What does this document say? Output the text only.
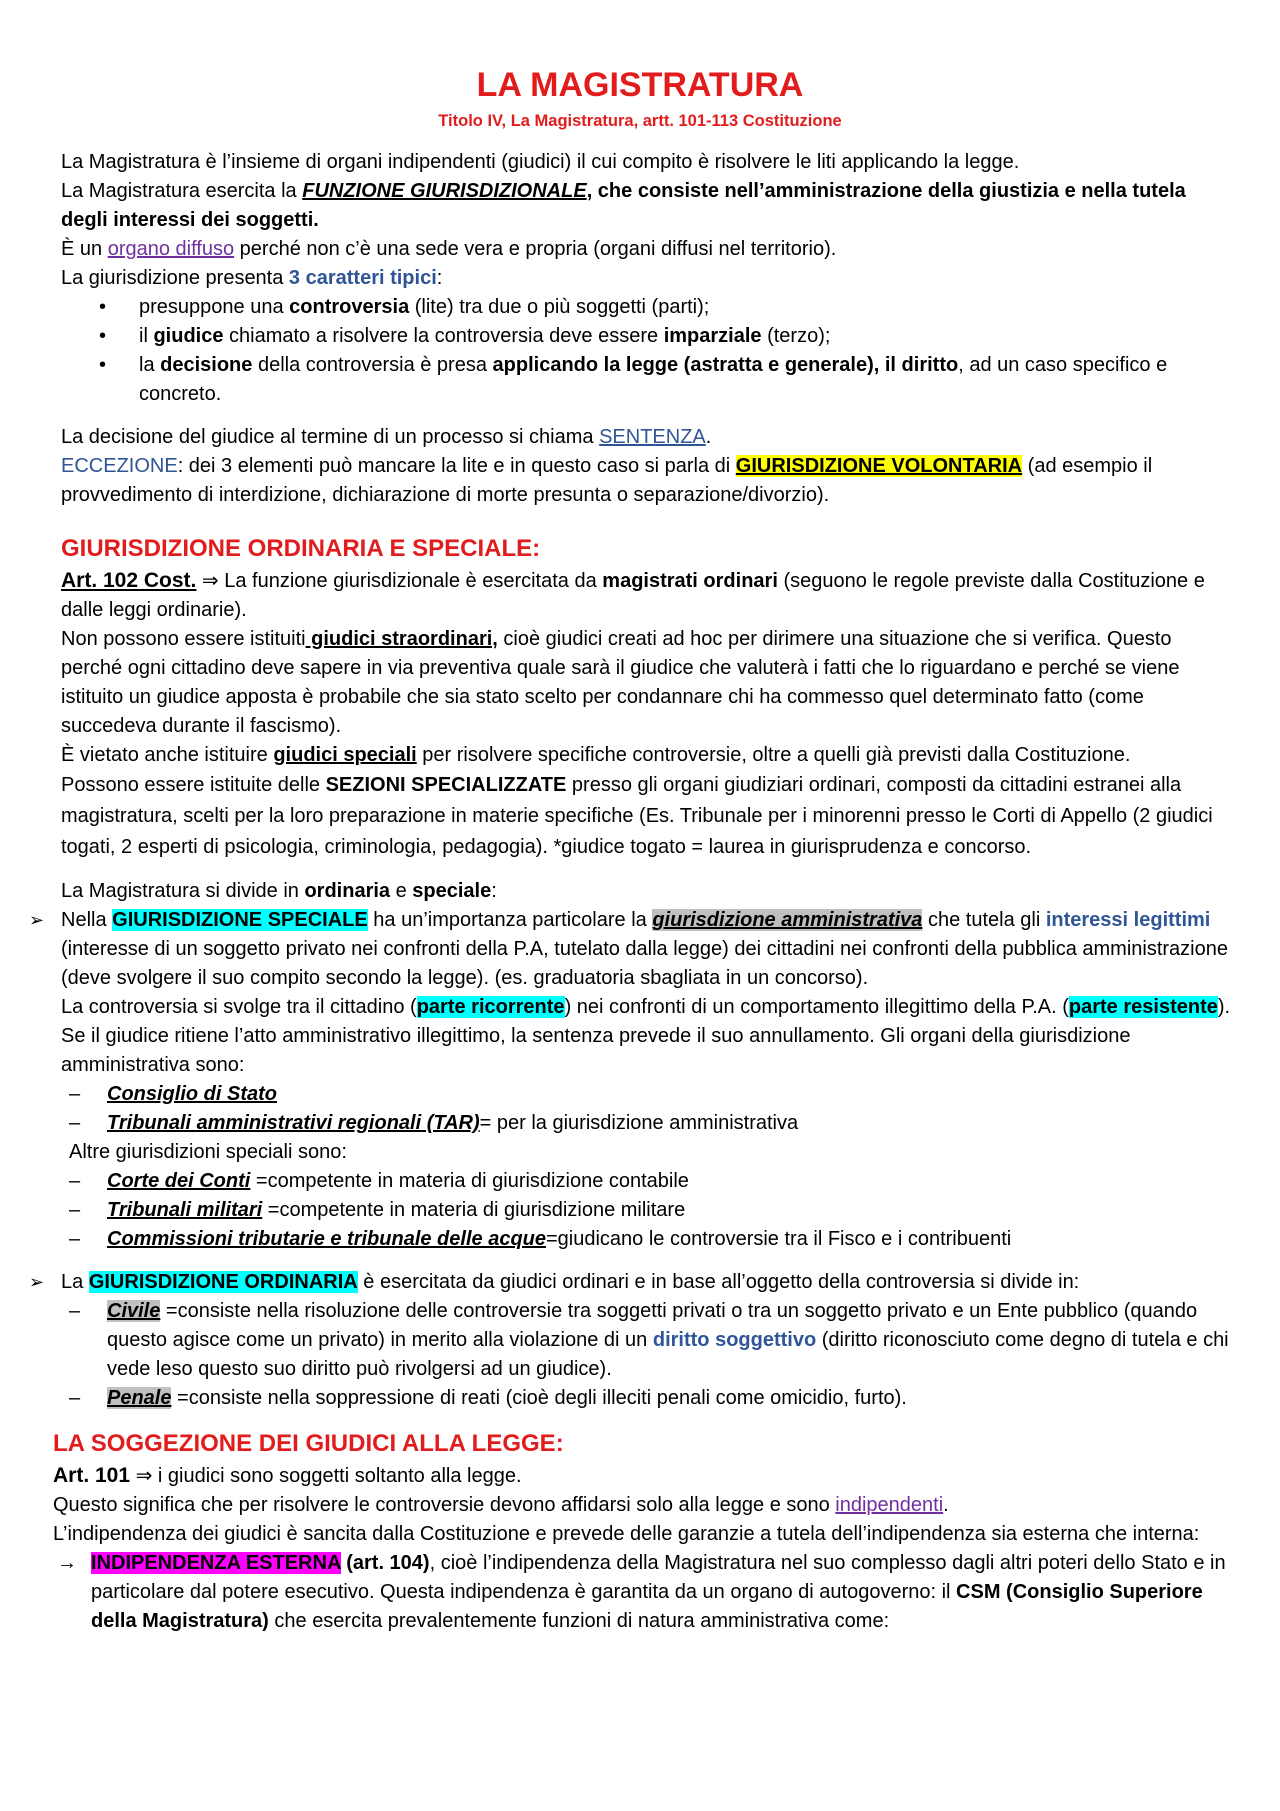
LA MAGISTRATURA
Titolo IV, La Magistratura, artt. 101-113 Costituzione

La Magistratura è l’insieme di organi indipendenti (giudici) il cui compito è risolvere le liti applicando la legge.

La Magistratura esercita la FUNZIONE GIURISDIZIONALE, che consiste nell’amministrazione della giustizia e nella tutela degli interessi dei soggetti.

È un organo diffuso perché non c’è una sede vera e propria (organi diffusi nel territorio).

La giurisdizione presenta 3 caratteri tipici:

• presuppone una controversia (lite) tra due o più soggetti (parti);
• il giudice chiamato a risolvere la controversia deve essere imparziale (terzo);
• la decisione della controversia è presa applicando la legge (astratta e generale), il diritto, ad un caso specifico e concreto.

La decisione del giudice al termine di un processo si chiama SENTENZA.

ECCEZIONE: dei 3 elementi può mancare la lite e in questo caso si parla di GIURISDIZIONE VOLONTARIA (ad esempio il provvedimento di interdizione, dichiarazione di morte presunta o separazione/divorzio).

GIURISDIZIONE ORDINARIA E SPECIALE:

Art. 102 Cost. ⇒ La funzione giurisdizionale è esercitata da magistrati ordinari (seguono le regole previste dalla Costituzione e dalle leggi ordinarie).

Non possono essere istituiti giudici straordinari, cioè giudici creati ad hoc per dirimere una situazione che si verifica. Questo perché ogni cittadino deve sapere in via preventiva quale sarà il giudice che valuterà i fatti che lo riguardano e perché se viene istituito un giudice apposta è probabile che sia stato scelto per condannare chi ha commesso quel determinato fatto (come succedeva durante il fascismo).

È vietato anche istituire giudici speciali per risolvere specifiche controversie, oltre a quelli già previsti dalla Costituzione.

Possono essere istituite delle SEZIONI SPECIALIZZATE presso gli organi giudiziari ordinari, composti da cittadini estranei alla magistratura, scelti per la loro preparazione in materie specifiche (Es. Tribunale per i minorenni presso le Corti di Appello (2 giudici togati, 2 esperti di psicologia, criminologia, pedagogia). *giudice togato = laurea in giurisprudenza e concorso.

La Magistratura si divide in ordinaria e speciale:

➢ Nella GIURISDIZIONE SPECIALE ha un’importanza particolare la giurisdizione amministrativa che tutela gli interessi legittimi (interesse di un soggetto privato nei confronti della P.A, tutelato dalla legge) dei cittadini nei confronti della pubblica amministrazione (deve svolgere il suo compito secondo la legge). (es. graduatoria sbagliata in un concorso).

La controversia si svolge tra il cittadino (parte ricorrente) nei confronti di un comportamento illegittimo della P.A. (parte resistente). Se il giudice ritiene l’atto amministrativo illegittimo, la sentenza prevede il suo annullamento. Gli organi della giurisdizione amministrativa sono:

– Consiglio di Stato
– Tribunali amministrativi regionali (TAR)= per la giurisdizione amministrativa

Altre giurisdizioni speciali sono:

– Corte dei Conti =competente in materia di giurisdizione contabile
– Tribunali militari =competente in materia di giurisdizione militare
– Commissioni tributarie e tribunale delle acque=giudicano le controversie tra il Fisco e i contribuenti
➢ La GIURISDIZIONE ORDINARIA è esercitata da giudici ordinari e in base all’oggetto della controversia si divide in:
– Civile =consiste nella risoluzione delle controversie tra soggetti privati o tra un soggetto privato e un Ente pubblico (quando questo agisce come un privato) in merito alla violazione di un diritto soggettivo (diritto riconosciuto come degno di tutela e chi vede leso questo suo diritto può rivolgersi ad un giudice).
– Penale =consiste nella soppressione di reati (cioè degli illeciti penali come omicidio, furto).

LA SOGGEZIONE DEI GIUDICI ALLA LEGGE:

Art. 101 ⇒ i giudici sono soggetti soltanto alla legge.

Questo significa che per risolvere le controversie devono affidarsi solo alla legge e sono indipendenti.

L’indipendenza dei giudici è sancita dalla Costituzione e prevede delle garanzie a tutela dell’indipendenza sia esterna che interna:

→ INDIPENDENZA ESTERNA (art. 104), cioè l’indipendenza della Magistratura nel suo complesso dagli altri poteri dello Stato e in particolare dal potere esecutivo. Questa indipendenza è garantita da un organo di autogoverno: il CSM (Consiglio Superiore della Magistratura) che esercita prevalentemente funzioni di natura amministrativa come:
